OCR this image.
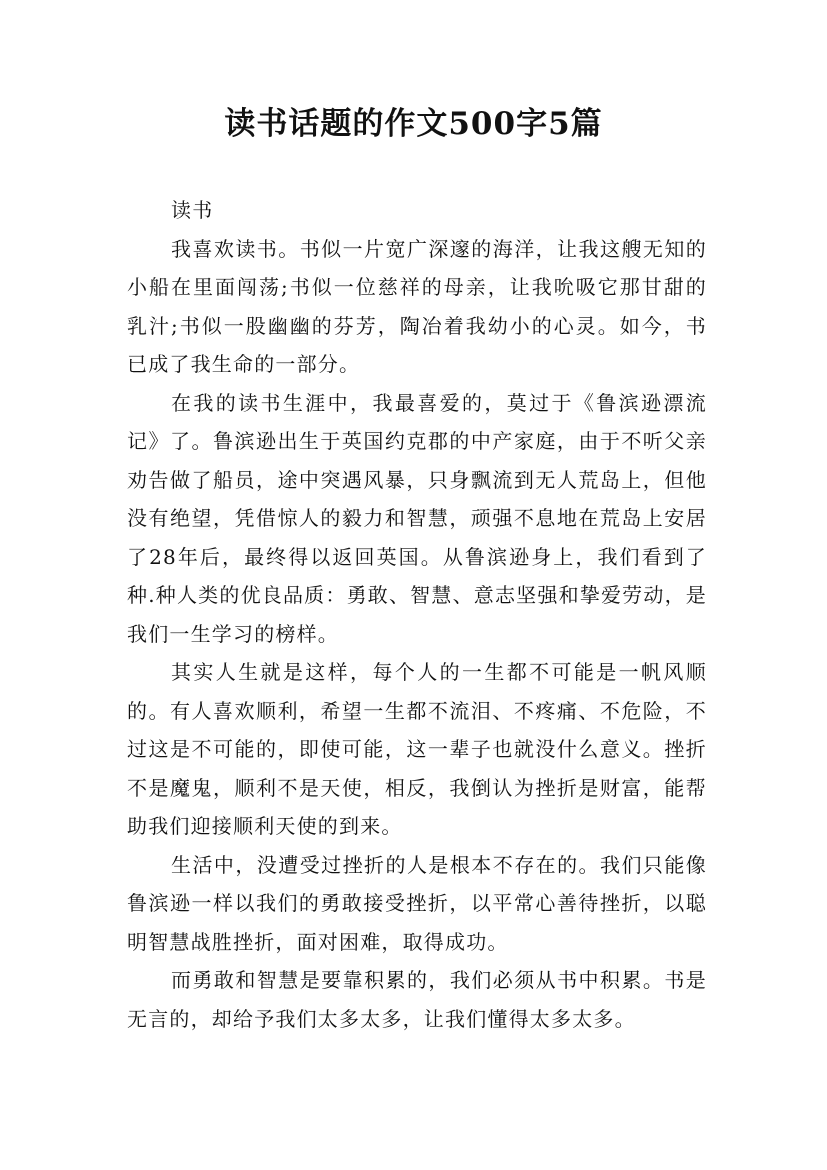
读书话题的作文500字5篇

读书

我喜欢读书。书似一片宽广深邃的海洋，让我这艘无知的小船在里面闯荡;书似一位慈祥的母亲，让我吮吸它那甘甜的乳汁;书似一股幽幽的芬芳，陶冶着我幼小的心灵。如今，书已成了我生命的一部分。

在我的读书生涯中，我最喜爱的，莫过于《鲁滨逊漂流记》了。鲁滨逊出生于英国约克郡的中产家庭，由于不听父亲劝告做了船员，途中突遇风暴，只身飘流到无人荒岛上，但他没有绝望，凭借惊人的毅力和智慧，顽强不息地在荒岛上安居了28年后，最终得以返回英国。从鲁滨逊身上，我们看到了种.种人类的优良品质：勇敢、智慧、意志坚强和挚爱劳动，是我们一生学习的榜样。

其实人生就是这样，每个人的一生都不可能是一帆风顺的。有人喜欢顺利，希望一生都不流泪、不疼痛、不危险，不过这是不可能的，即使可能，这一辈子也就没什么意义。挫折不是魔鬼，顺利不是天使，相反，我倒认为挫折是财富，能帮助我们迎接顺利天使的到来。

生活中，没遭受过挫折的人是根本不存在的。我们只能像鲁滨逊一样以我们的勇敢接受挫折，以平常心善待挫折，以聪明智慧战胜挫折，面对困难，取得成功。

而勇敢和智慧是要靠积累的，我们必须从书中积累。书是无言的，却给予我们太多太多，让我们懂得太多太多。
